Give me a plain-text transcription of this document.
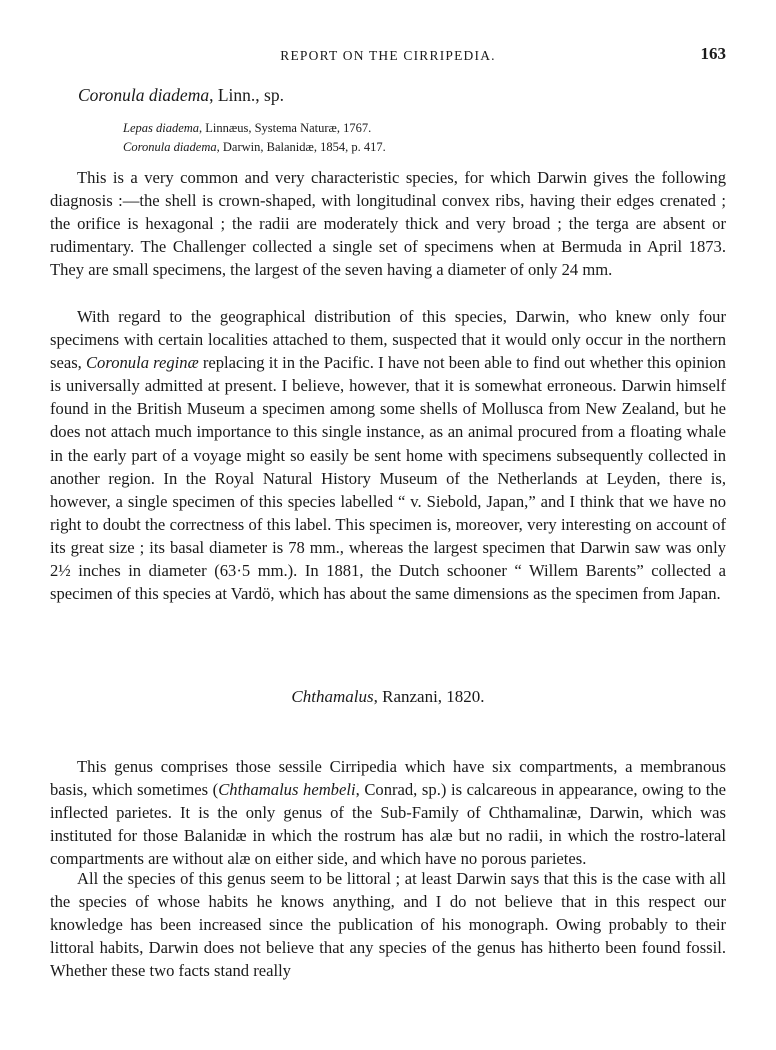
REPORT ON THE CIRRIPEDIA.	163
Coronula diadema, Linn., sp.
Lepas diadema, Linnæus, Systema Naturæ, 1767.
Coronula diadema, Darwin, Balanidæ, 1854, p. 417.

This is a very common and very characteristic species, for which Darwin gives the following diagnosis :—the shell is crown-shaped, with longitudinal convex ribs, having their edges crenated ; the orifice is hexagonal ; the radii are moderately thick and very broad ; the terga are absent or rudimentary. The Challenger collected a single set of specimens when at Bermuda in April 1873. They are small specimens, the largest of the seven having a diameter of only 24 mm.

With regard to the geographical distribution of this species, Darwin, who knew only four specimens with certain localities attached to them, suspected that it would only occur in the northern seas, Coronula reginæ replacing it in the Pacific. I have not been able to find out whether this opinion is universally admitted at present. I believe, however, that it is somewhat erroneous. Darwin himself found in the British Museum a specimen among some shells of Mollusca from New Zealand, but he does not attach much importance to this single instance, as an animal procured from a floating whale in the early part of a voyage might so easily be sent home with specimens subsequently collected in another region. In the Royal Natural History Museum of the Netherlands at Leyden, there is, however, a single specimen of this species labelled “ v. Siebold, Japan,” and I think that we have no right to doubt the correctness of this label. This specimen is, moreover, very interesting on account of its great size ; its basal diameter is 78 mm., whereas the largest specimen that Darwin saw was only 2½ inches in diameter (63·5 mm.). In 1881, the Dutch schooner “ Willem Barents” collected a specimen of this species at Vardö, which has about the same dimensions as the specimen from Japan.

Chthamalus, Ranzani, 1820.

This genus comprises those sessile Cirripedia which have six compartments, a membranous basis, which sometimes (Chthamalus hembeli, Conrad, sp.) is calcareous in appearance, owing to the inflected parietes. It is the only genus of the Sub-Family of Chthamalinæ, Darwin, which was instituted for those Balanidæ in which the rostrum has alæ but no radii, in which the rostro-lateral compartments are without alæ on either side, and which have no porous parietes.

All the species of this genus seem to be littoral ; at least Darwin says that this is the case with all the species of whose habits he knows anything, and I do not believe that in this respect our knowledge has been increased since the publication of his monograph. Owing probably to their littoral habits, Darwin does not believe that any species of the genus has hitherto been found fossil. Whether these two facts stand really
